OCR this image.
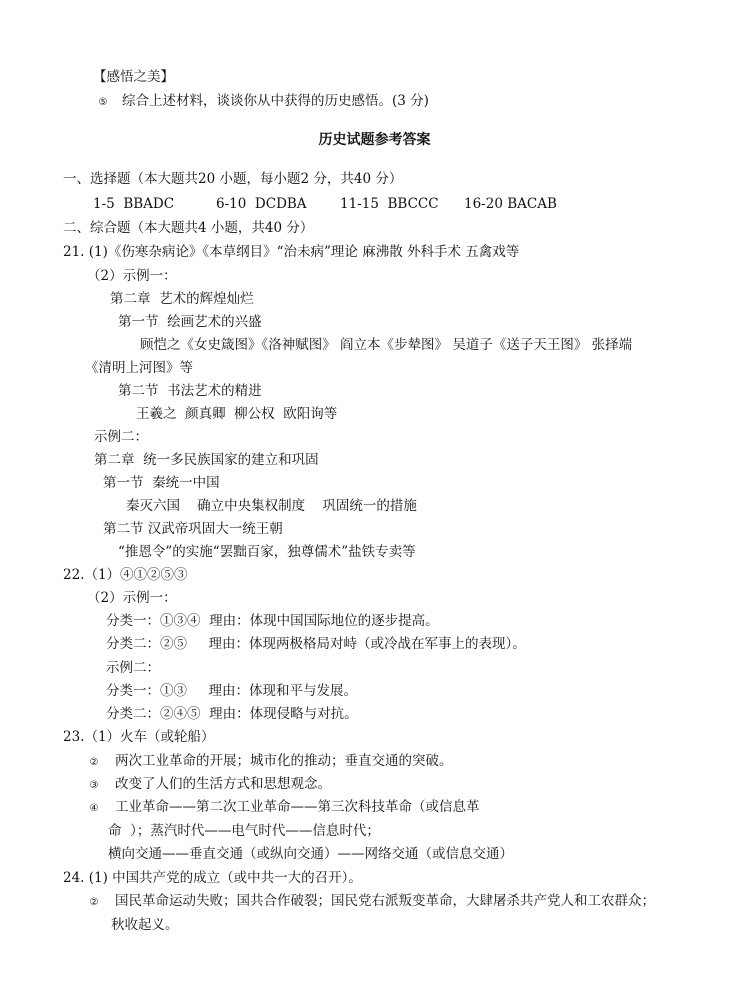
【感悟之美】
⑤ 综合上述材料，谈谈你从中获得的历史感悟。(3 分)
历史试题参考答案
一、选择题（本大题共20 小题，每小题2 分，共40 分）
1-5  BBADC	6-10  DCDBA 11-15  BBCCC 16-20 BACAB
二、综合题（本大题共4 小题，共40 分）
21. (1)《伤寒杂病论》《本草纲目》“治未病”理论 麻沸散 外科手术 五禽戏等
（2）示例一：
第二章  艺术的辉煌灿烂
第一节  绘画艺术的兴盛
顾恺之《女史箴图》《洛神赋图》 阎立本《步辇图》 吴道子《送子天王图》 张择端
《清明上河图》等
第二节  书法艺术的精进
王羲之  颜真卿  柳公权  欧阳询等
示例二：
第二章  统一多民族国家的建立和巩固
第一节  秦统一中国
秦灭六国    确立中央集权制度    巩固统一的措施
第二节 汉武帝巩固大一统王朝
“推恩令”的实施“罢黜百家，独尊儒术”盐铁专卖等
22.（1）④①②⑤③
（2）示例一：
分类一：①③④  理由：体现中国国际地位的逐步提高。
分类二：②⑤     理由：体现两极格局对峙（或冷战在军事上的表现）。
示例二：
分类一：①③     理由：体现和平与发展。
分类二：②④⑤  理由：体现侵略与对抗。
23.（1）火车（或轮船）
② 两次工业革命的开展；城市化的推动；垂直交通的突破。
③ 改变了人们的生活方式和思想观念。
④ 工业革命——第二次工业革命——第三次科技革命（或信息革
命  ）；蒸汽时代——电气时代——信息时代；
横向交通——垂直交通（或纵向交通）——网络交通（或信息交通）
24. (1) 中国共产党的成立（或中共一大的召开）。
② 国民革命运动失败；国共合作破裂；国民党右派叛变革命，大肆屠杀共产党人和工农群众；
秋收起义。
